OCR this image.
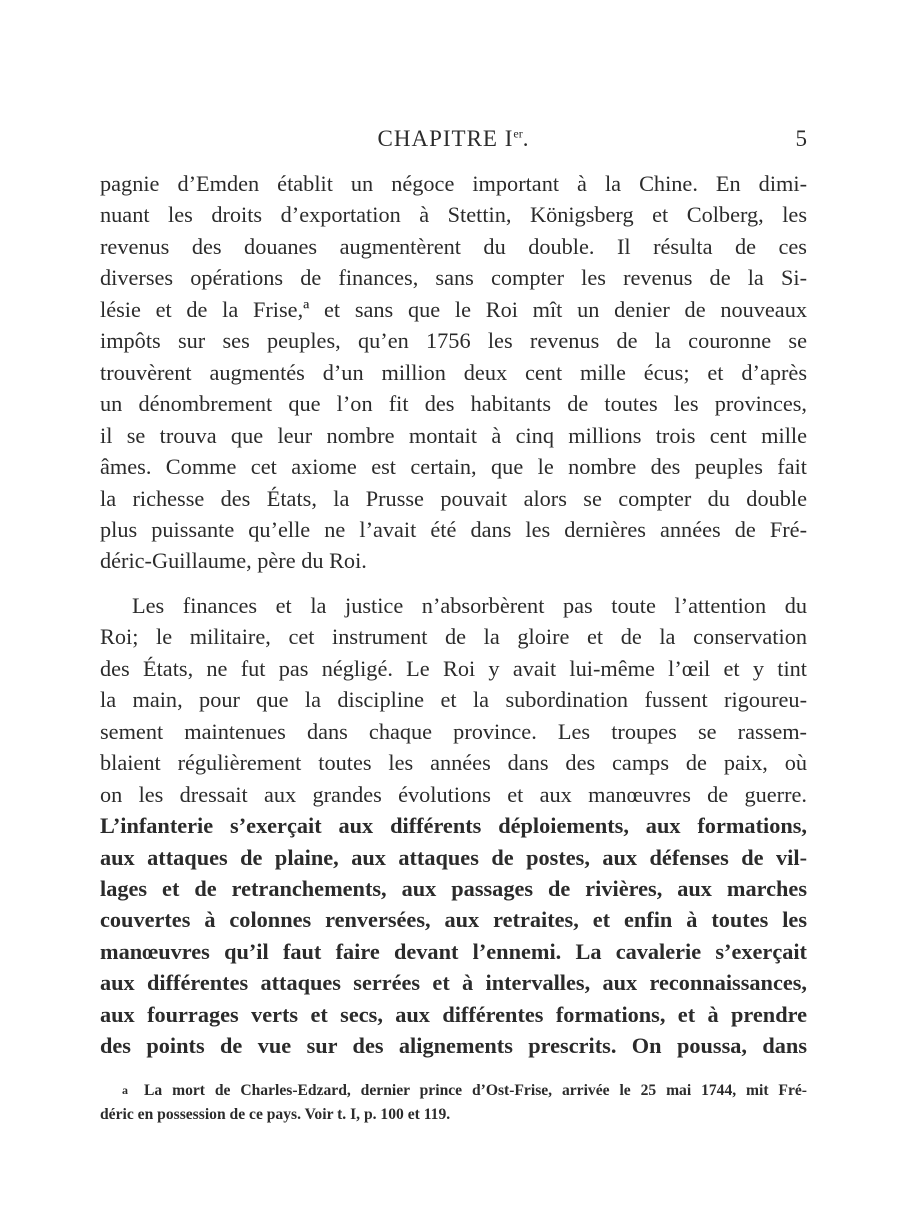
CHAPITRE Ier.	5
pagnie d’Emden établit un négoce important à la Chine. En dimi-
nuant les droits d’exportation à Stettin, Königsberg et Colberg, les
revenus des douanes augmentèrent du double. Il résulta de ces
diverses opérations de finances, sans compter les revenus de la Si-
lésie et de la Frise,ª et sans que le Roi mît un denier de nouveaux
impôts sur ses peuples, qu’en 1756 les revenus de la couronne se
trouvèrent augmentés d’un million deux cent mille écus; et d’après
un dénombrement que l’on fit des habitants de toutes les provinces,
il se trouva que leur nombre montait à cinq millions trois cent mille
âmes. Comme cet axiome est certain, que le nombre des peuples fait
la richesse des États, la Prusse pouvait alors se compter du double
plus puissante qu’elle ne l’avait été dans les dernières années de Fré-
déric-Guillaume, père du Roi.
Les finances et la justice n’absorbèrent pas toute l’attention du
Roi; le militaire, cet instrument de la gloire et de la conservation
des États, ne fut pas négligé. Le Roi y avait lui-même l’œil et y tint
la main, pour que la discipline et la subordination fussent rigoureu-
sement maintenues dans chaque province. Les troupes se rassem-
blaient régulièrement toutes les années dans des camps de paix, où
on les dressait aux grandes évolutions et aux manœuvres de guerre.
L’infanterie s’exerçait aux différents déploiements, aux formations,
aux attaques de plaine, aux attaques de postes, aux défenses de vil-
lages et de retranchements, aux passages de rivières, aux marches
couvertes à colonnes renversées, aux retraites, et enfin à toutes les
manœuvres qu’il faut faire devant l’ennemi. La cavalerie s’exerçait
aux différentes attaques serrées et à intervalles, aux reconnaissances,
aux fourrages verts et secs, aux différentes formations, et à prendre
des points de vue sur des alignements prescrits. On poussa, dans
a La mort de Charles-Edzard, dernier prince d’Ost-Frise, arrivée le 25 mai 1744, mit Fré-
déric en possession de ce pays. Voir t. I, p. 100 et 119.
